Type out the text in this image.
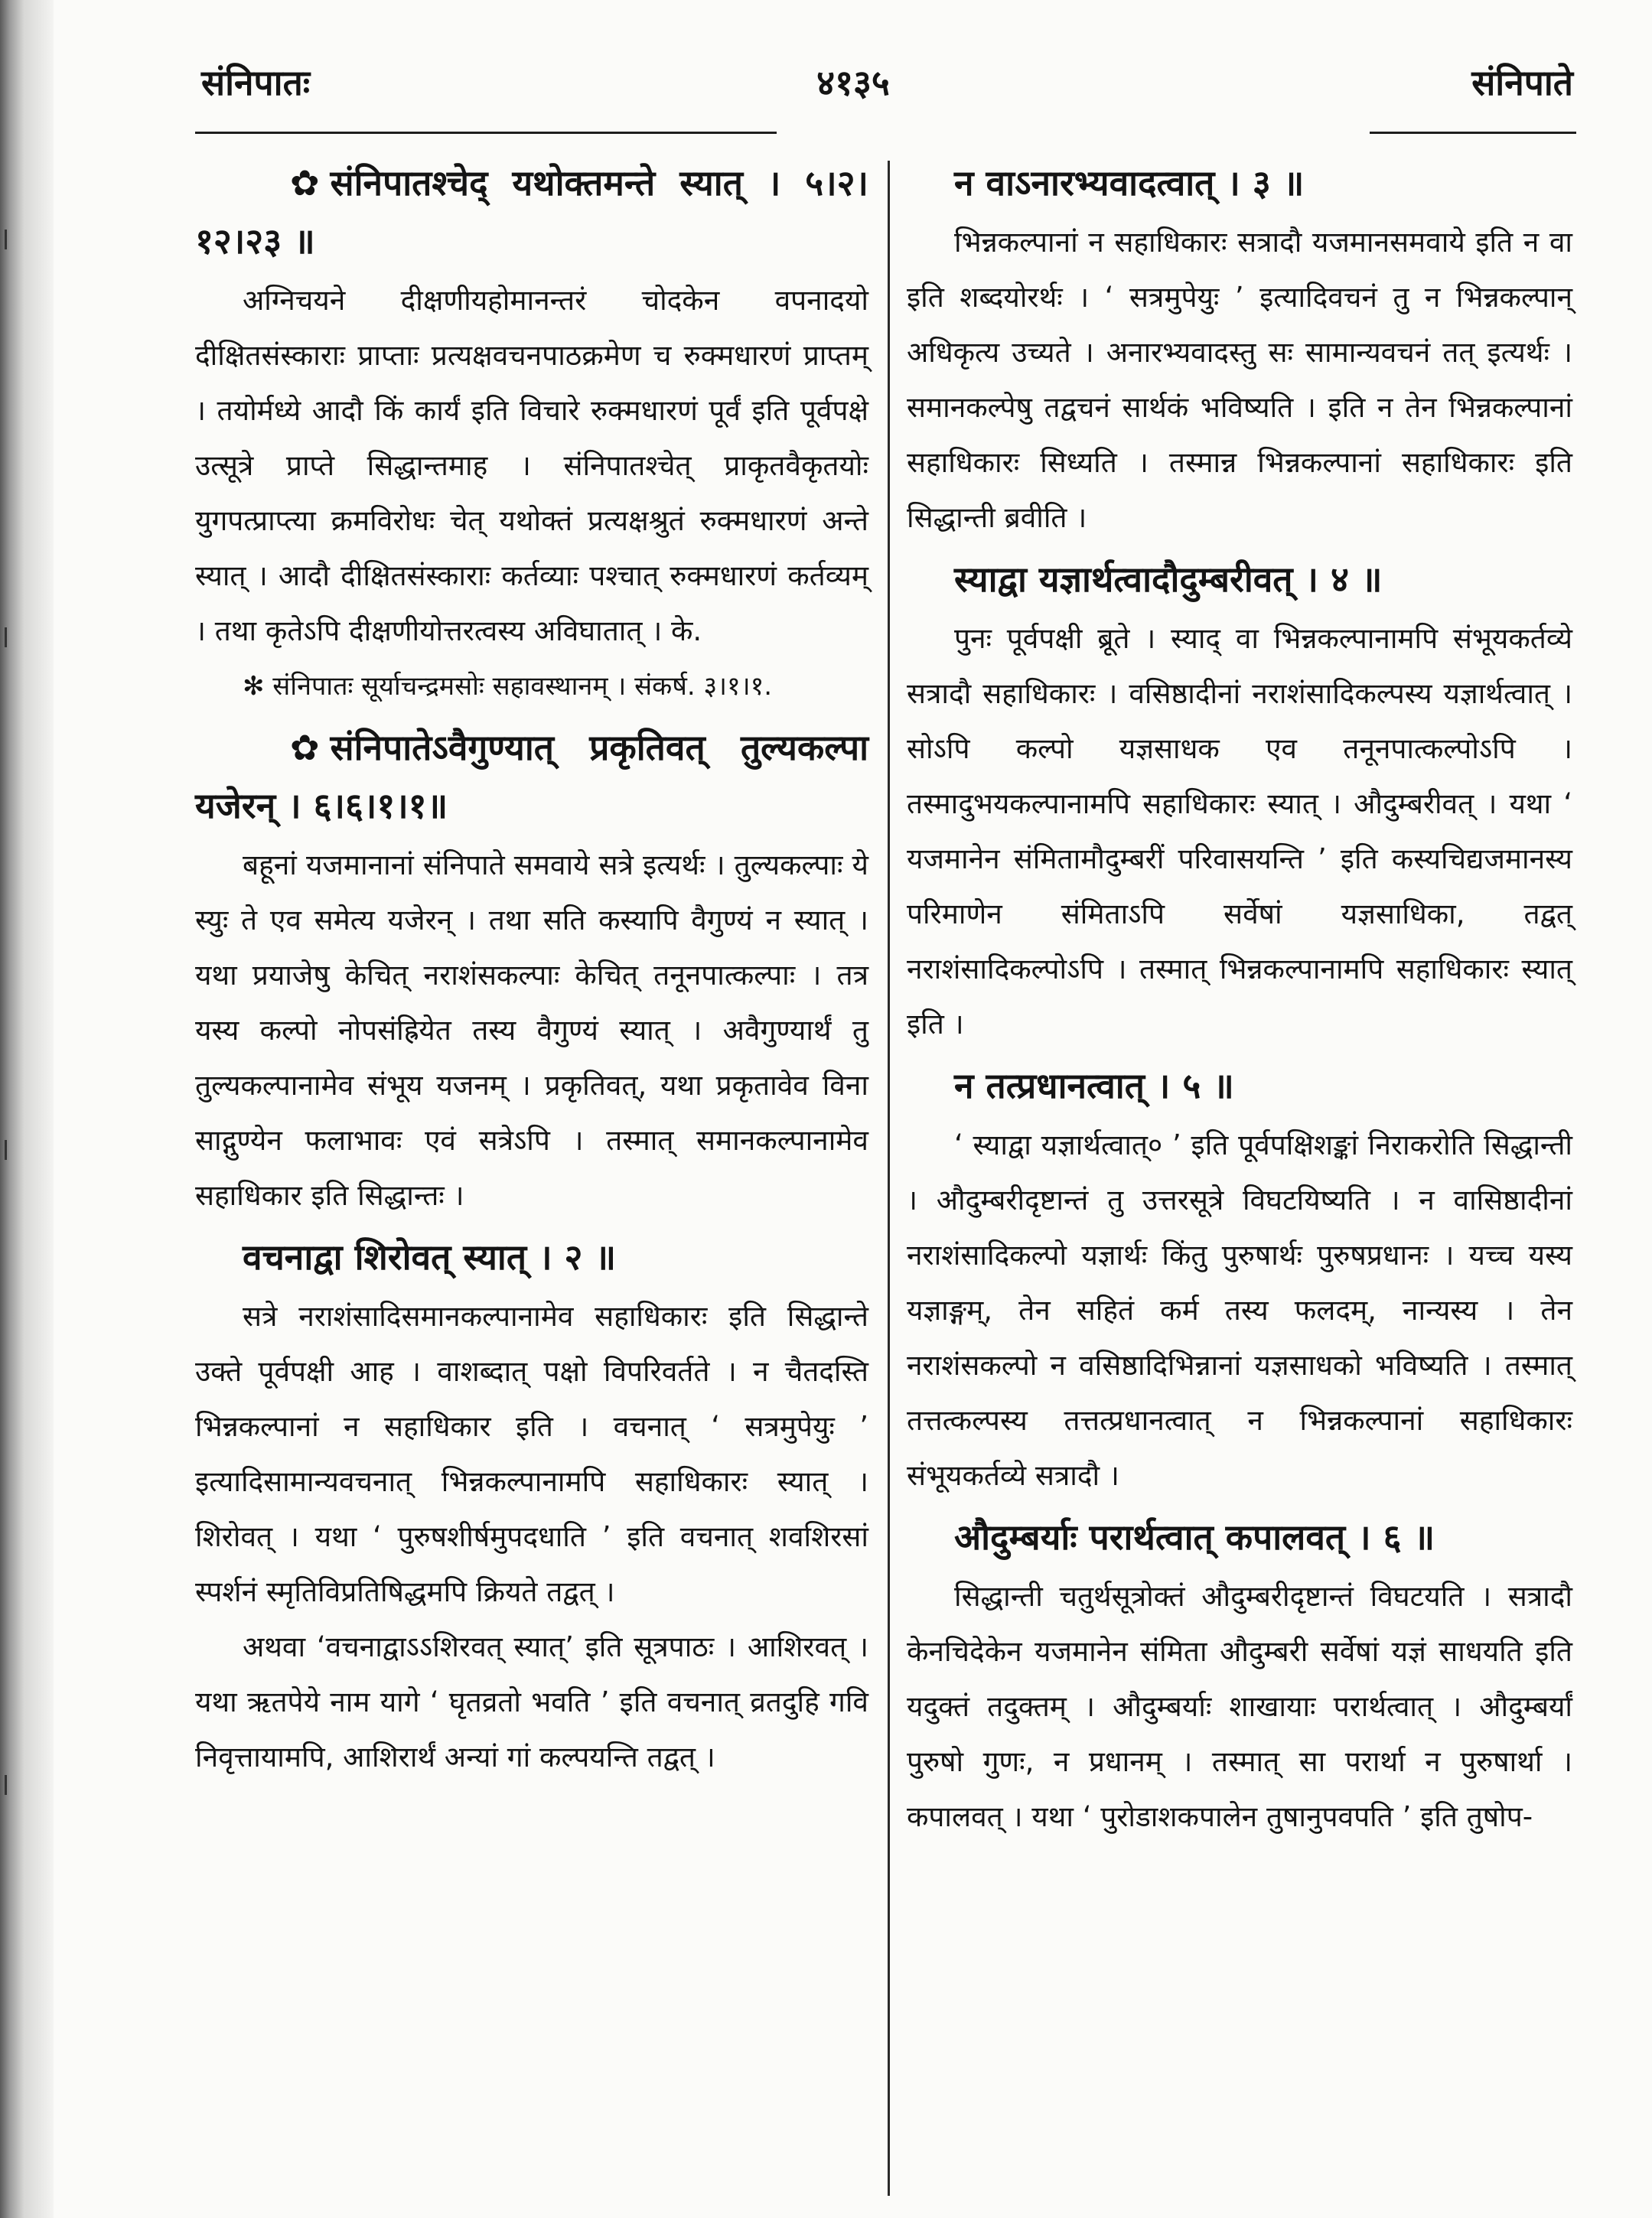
संनिपातः	४१३५	संनिपाते

✿ संनिपातश्चेद् यथोक्तमन्ते स्यात् । ५।२। १२।२३ ॥

अग्निचयने दीक्षणीयहोमानन्तरं चोदकेन वपनादयो दीक्षितसंस्काराः प्राप्ताः प्रत्यक्षवचनपाठक्रमेण च रुक्मधारणं प्राप्तम् । तयोर्मध्ये आदौ किं कार्यं इति विचारे रुक्मधारणं पूर्वं इति पूर्वपक्षे उत्सूत्रे प्राप्ते सिद्धान्तमाह । संनिपातश्चेत् प्राकृतवैकृतयोः युगपत्प्राप्त्या क्रमविरोधः चेत् यथोक्तं प्रत्यक्षश्रुतं रुक्मधारणं अन्ते स्यात् । आदौ दीक्षितसंस्काराः कर्तव्याः पश्चात् रुक्मधारणं कर्तव्यम् । तथा कृतेऽपि दीक्षणीयोत्तरत्वस्य अविघातात् । के.

✻ संनिपातः सूर्याचन्द्रमसोः सहावस्थानम् । संकर्ष. ३।१।१.

✿ संनिपातेऽवैगुण्यात् प्रकृतिवत् तुल्यकल्पा यजेरन् । ६।६।१।१॥

बहूनां यजमानानां संनिपाते समवाये सत्रे इत्यर्थः । तुल्यकल्पाः ये स्युः ते एव समेत्य यजेरन् । तथा सति कस्यापि वैगुण्यं न स्यात् । यथा प्रयाजेषु केचित् नराशंसकल्पाः केचित् तनूनपात्कल्पाः । तत्र यस्य कल्पो नोपसंह्रियेत तस्य वैगुण्यं स्यात् । अवैगुण्यार्थं तु तुल्यकल्पानामेव संभूय यजनम् । प्रकृतिवत्, यथा प्रकृतावेव विना साद्गुण्येन फलाभावः एवं सत्रेऽपि । तस्मात् समानकल्पानामेव सहाधिकार इति सिद्धान्तः ।

वचनाद्वा शिरोवत् स्यात् । २ ॥

सत्रे नराशंसादिसमानकल्पानामेव सहाधिकारः इति सिद्धान्ते उक्ते पूर्वपक्षी आह । वाशब्दात् पक्षो विपरिवर्तते । न चैतदस्ति भिन्नकल्पानां न सहाधिकार इति । वचनात् ‘ सत्रमुपेयुः ’ इत्यादिसामान्यवचनात् भिन्नकल्पानामपि सहाधिकारः स्यात् । शिरोवत् । यथा ‘ पुरुषशीर्षमुपदधाति ’ इति वचनात् शवशिरसां स्पर्शनं स्मृतिविप्रतिषिद्धमपि क्रियते तद्वत् ।

अथवा ‘वचनाद्वाऽऽशिरवत् स्यात्’ इति सूत्रपाठः । आशिरवत् । यथा ऋतपेये नाम यागे ‘ घृतव्रतो भवति ’ इति वचनात् व्रतदुहि गवि निवृत्तायामपि, आशिरार्थं अन्यां गां कल्पयन्ति तद्वत् ।

न वाऽनारभ्यवादत्वात् । ३ ॥

भिन्नकल्पानां न सहाधिकारः सत्रादौ यजमानसमवाये इति न वा इति शब्दयोरर्थः । ‘ सत्रमुपेयुः ’ इत्यादिवचनं तु न भिन्नकल्पान् अधिकृत्य उच्यते । अनारभ्यवादस्तु सः सामान्यवचनं तत् इत्यर्थः । समानकल्पेषु तद्वचनं सार्थकं भविष्यति । इति न तेन भिन्नकल्पानां सहाधिकारः सिध्यति । तस्मान्न भिन्नकल्पानां सहाधिकारः इति सिद्धान्ती ब्रवीति ।

स्याद्वा यज्ञार्थत्वादौदुम्बरीवत् । ४ ॥

पुनः पूर्वपक्षी ब्रूते । स्याद् वा भिन्नकल्पानामपि संभूयकर्तव्ये सत्रादौ सहाधिकारः । वसिष्ठादीनां नराशंसादिकल्पस्य यज्ञार्थत्वात् । सोऽपि कल्पो यज्ञसाधक एव तनूनपात्कल्पोऽपि । तस्मादुभयकल्पानामपि सहाधिकारः स्यात् । औदुम्बरीवत् । यथा ‘ यजमानेन संमितामौदुम्बरीं परिवासयन्ति ’ इति कस्यचिद्यजमानस्य परिमाणेन संमिताऽपि सर्वेषां यज्ञसाधिका, तद्वत् नराशंसादिकल्पोऽपि । तस्मात् भिन्नकल्पानामपि सहाधिकारः स्यात् इति ।

न तत्प्रधानत्वात् । ५ ॥

‘ स्याद्वा यज्ञार्थत्वात्० ’ इति पूर्वपक्षिशङ्कां निराकरोति सिद्धान्ती । औदुम्बरीदृष्टान्तं तु उत्तरसूत्रे विघटयिष्यति । न वासिष्ठादीनां नराशंसादिकल्पो यज्ञार्थः किंतु पुरुषार्थः पुरुषप्रधानः । यच्च यस्य यज्ञाङ्गम्, तेन सहितं कर्म तस्य फलदम्, नान्यस्य । तेन नराशंसकल्पो न वसिष्ठादिभिन्नानां यज्ञसाधको भविष्यति । तस्मात् तत्तत्कल्पस्य तत्तत्प्रधानत्वात् न भिन्नकल्पानां सहाधिकारः संभूयकर्तव्ये सत्रादौ ।

औदुम्बर्याः परार्थत्वात् कपालवत् । ६ ॥

सिद्धान्ती चतुर्थसूत्रोक्तं औदुम्बरीदृष्टान्तं विघटयति । सत्रादौ केनचिदेकेन यजमानेन संमिता औदुम्बरी सर्वेषां यज्ञं साधयति इति यदुक्तं तदुक्तम् । औदुम्बर्याः शाखायाः परार्थत्वात् । औदुम्बर्यां पुरुषो गुणः, न प्रधानम् । तस्मात् सा परार्था न पुरुषार्था । कपालवत् । यथा ‘ पुरोडाशकपालेन तुषानुपवपति ’ इति तुषोप-
